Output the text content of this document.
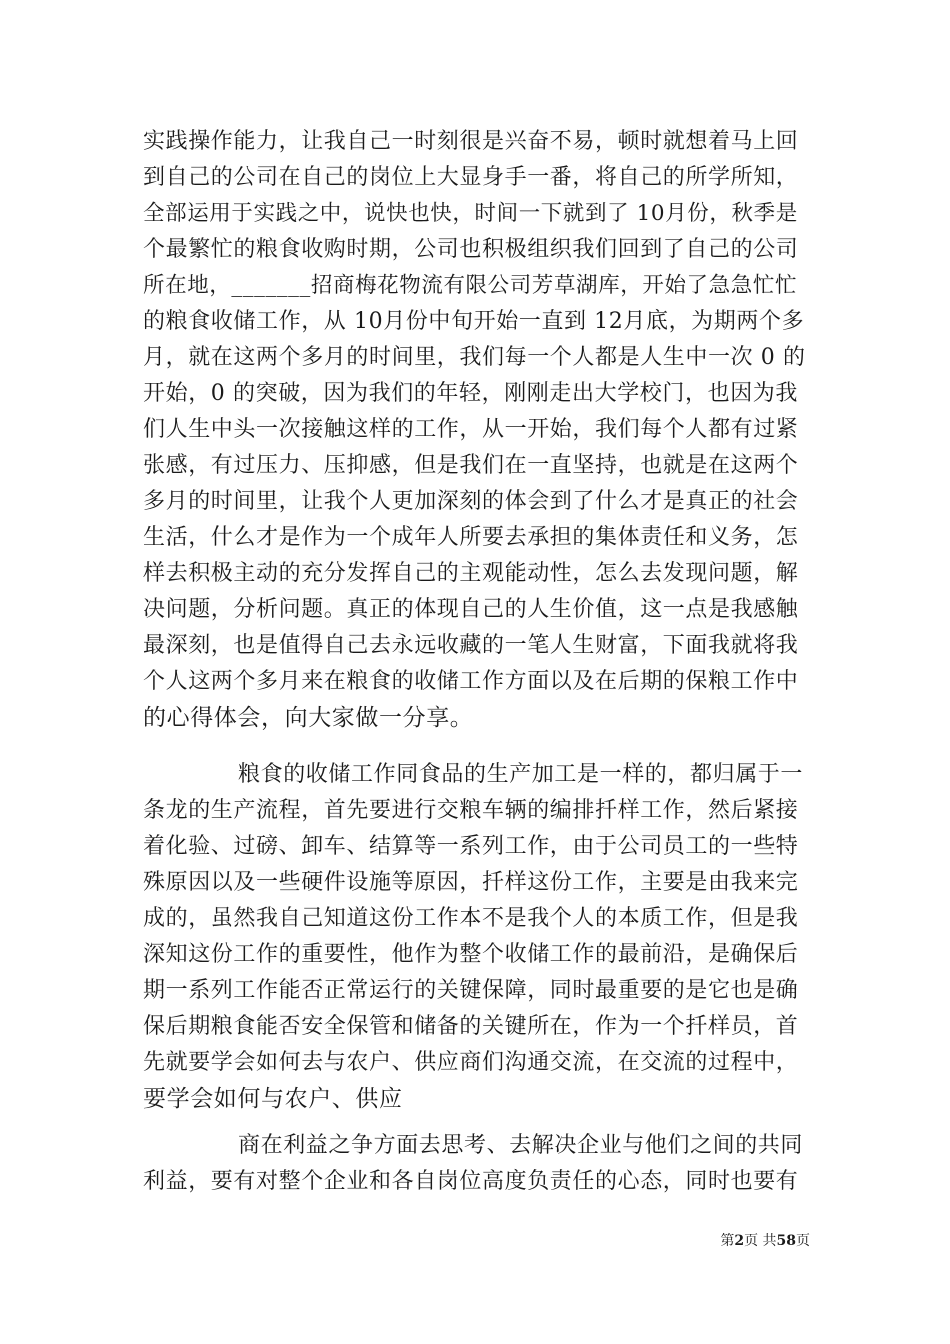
实践操作能力，让我自己一时刻很是兴奋不易，顿时就想着马上回
到自己的公司在自己的岗位上大显身手一番，将自己的所学所知，
全部运用于实践之中，说快也快，时间一下就到了 10月份，秋季是
个最繁忙的粮食收购时期，公司也积极组织我们回到了自己的公司
所在地，_______招商梅花物流有限公司芳草湖库，开始了急急忙忙
的粮食收储工作，从 10月份中旬开始一直到 12月底，为期两个多
月，就在这两个多月的时间里，我们每一个人都是人生中一次 0 的
开始，0 的突破，因为我们的年轻，刚刚走出大学校门，也因为我
们人生中头一次接触这样的工作，从一开始，我们每个人都有过紧
张感，有过压力、压抑感，但是我们在一直坚持，也就是在这两个
多月的时间里，让我个人更加深刻的体会到了什么才是真正的社会
生活，什么才是作为一个成年人所要去承担的集体责任和义务，怎
样去积极主动的充分发挥自己的主观能动性，怎么去发现问题，解
决问题，分析问题。真正的体现自己的人生价值，这一点是我感触
最深刻，也是值得自己去永远收藏的一笔人生财富，下面我就将我
个人这两个多月来在粮食的收储工作方面以及在后期的保粮工作中
的心得体会，向大家做一分享。
粮食的收储工作同食品的生产加工是一样的，都归属于一
条龙的生产流程，首先要进行交粮车辆的编排扦样工作，然后紧接
着化验、过磅、卸车、结算等一系列工作，由于公司员工的一些特
殊原因以及一些硬件设施等原因，扦样这份工作，主要是由我来完
成的，虽然我自己知道这份工作本不是我个人的本质工作，但是我
深知这份工作的重要性，他作为整个收储工作的最前沿，是确保后
期一系列工作能否正常运行的关键保障，同时最重要的是它也是确
保后期粮食能否安全保管和储备的关键所在，作为一个扦样员，首
先就要学会如何去与农户、供应商们沟通交流，在交流的过程中，
要学会如何与农户、供应
商在利益之争方面去思考、去解决企业与他们之间的共同
利益，要有对整个企业和各自岗位高度负责任的心态，同时也要有
第2页 共58页
